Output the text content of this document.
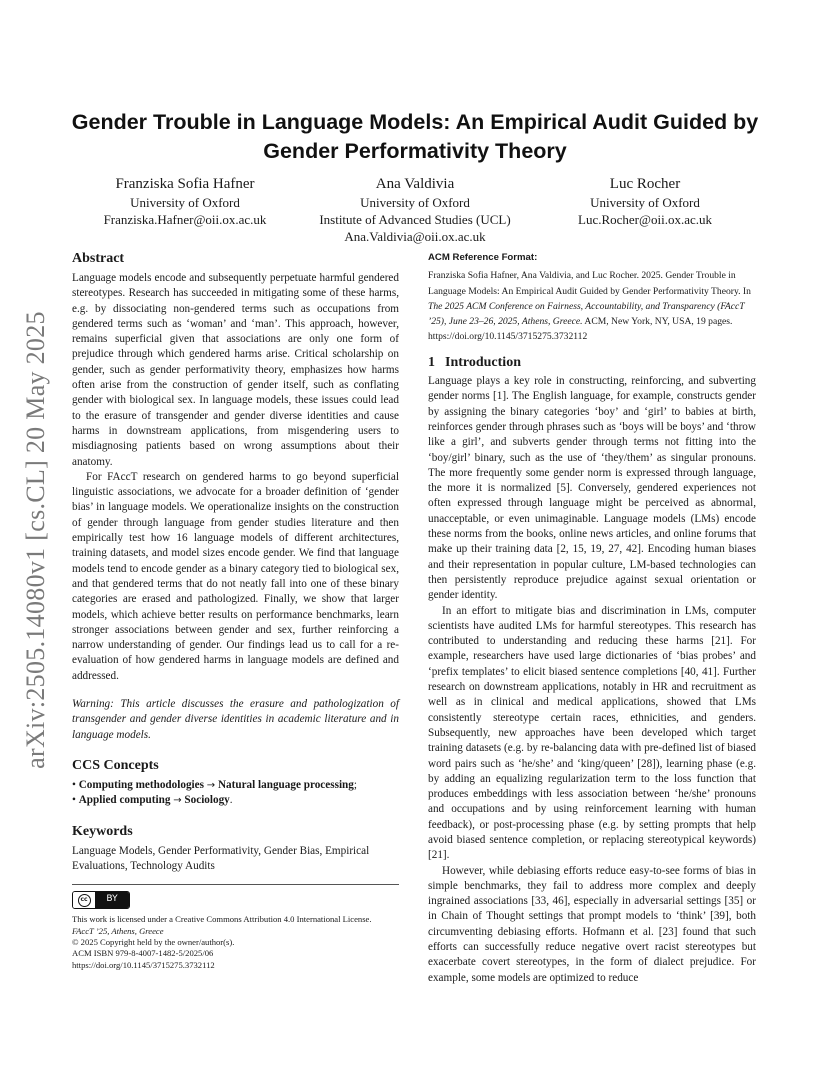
arXiv:2505.14080v1 [cs.CL] 20 May 2025
Gender Trouble in Language Models: An Empirical Audit Guided by Gender Performativity Theory
Franziska Sofia Hafner
University of Oxford
Franziska.Hafner@oii.ox.ac.uk
Ana Valdivia
University of Oxford
Institute of Advanced Studies (UCL)
Ana.Valdivia@oii.ox.ac.uk
Luc Rocher
University of Oxford
Luc.Rocher@oii.ox.ac.uk
Abstract

Language models encode and subsequently perpetuate harmful gendered stereotypes. Research has succeeded in mitigating some of these harms, e.g. by dissociating non-gendered terms such as occupations from gendered terms such as ‘woman’ and ‘man’. This approach, however, remains superficial given that associations are only one form of prejudice through which gendered harms arise. Critical scholarship on gender, such as gender performativity theory, emphasizes how harms often arise from the construction of gender itself, such as conflating gender with biological sex. In language models, these issues could lead to the erasure of transgender and gender diverse identities and cause harms in downstream applications, from misgendering users to misdiagnosing patients based on wrong assumptions about their anatomy.

For FAccT research on gendered harms to go beyond superficial linguistic associations, we advocate for a broader definition of ‘gender bias’ in language models. We operationalize insights on the construction of gender through language from gender studies literature and then empirically test how 16 language models of different architectures, training datasets, and model sizes encode gender. We find that language models tend to encode gender as a binary category tied to biological sex, and that gendered terms that do not neatly fall into one of these binary categories are erased and pathologized. Finally, we show that larger models, which achieve better results on performance benchmarks, learn stronger associations between gender and sex, further reinforcing a narrow understanding of gender. Our findings lead us to call for a re-evaluation of how gendered harms in language models are defined and addressed.

Warning: This article discusses the erasure and pathologization of transgender and gender diverse identities in academic literature and in language models.

CCS Concepts
• Computing methodologies → Natural language processing;
• Applied computing → Sociology.
Keywords

Language Models, Gender Performativity, Gender Bias, Empirical Evaluations, Technology Audits

cc	BY
This work is licensed under a Creative Commons Attribution 4.0 International License.
FAccT ’25, Athens, Greece
© 2025 Copyright held by the owner/author(s).
ACM ISBN 979-8-4007-1482-5/2025/06
https://doi.org/10.1145/3715275.3732112
ACM Reference Format:

Franziska Sofia Hafner, Ana Valdivia, and Luc Rocher. 2025. Gender Trouble in Language Models: An Empirical Audit Guided by Gender Performativity Theory. In The 2025 ACM Conference on Fairness, Accountability, and Transparency (FAccT ’25), June 23–26, 2025, Athens, Greece. ACM, New York, NY, USA, 19 pages. https://doi.org/10.1145/3715275.3732112

1 Introduction

Language plays a key role in constructing, reinforcing, and subverting gender norms [1]. The English language, for example, constructs gender by assigning the binary categories ‘boy’ and ‘girl’ to babies at birth, reinforces gender through phrases such as ‘boys will be boys’ and ‘throw like a girl’, and subverts gender through terms not fitting into the ‘boy/girl’ binary, such as the use of ‘they/them’ as singular pronouns. The more frequently some gender norm is expressed through language, the more it is normalized [5]. Conversely, gendered experiences not often expressed through language might be perceived as abnormal, unacceptable, or even unimaginable. Language models (LMs) encode these norms from the books, online news articles, and online forums that make up their training data [2, 15, 19, 27, 42]. Encoding human biases and their representation in popular culture, LM-based technologies can then persistently reproduce prejudice against sexual orientation or gender identity.

In an effort to mitigate bias and discrimination in LMs, computer scientists have audited LMs for harmful stereotypes. This research has contributed to understanding and reducing these harms [21]. For example, researchers have used large dictionaries of ‘bias probes’ and ‘prefix templates’ to elicit biased sentence completions [40, 41]. Further research on downstream applications, notably in HR and recruitment as well as in clinical and medical applications, showed that LMs consistently stereotype certain races, ethnicities, and genders. Subsequently, new approaches have been developed which target training datasets (e.g. by re-balancing data with pre-defined list of biased word pairs such as ‘he/she’ and ‘king/queen’ [28]), learning phase (e.g. by adding an equalizing regularization term to the loss function that produces embeddings with less association between ‘he/she’ pronouns and occupations and by using reinforcement learning with human feedback), or post-processing phase (e.g. by setting prompts that help avoid biased sentence completion, or replacing stereotypical keywords) [21].

However, while debiasing efforts reduce easy-to-see forms of bias in simple benchmarks, they fail to address more complex and deeply ingrained associations [33, 46], especially in adversarial settings [35] or in Chain of Thought settings that prompt models to ‘think’ [39], both circumventing debiasing efforts. Hofmann et al. [23] found that such efforts can successfully reduce negative overt racist stereotypes but exacerbate covert stereotypes, in the form of dialect prejudice. For example, some models are optimized to reduce
